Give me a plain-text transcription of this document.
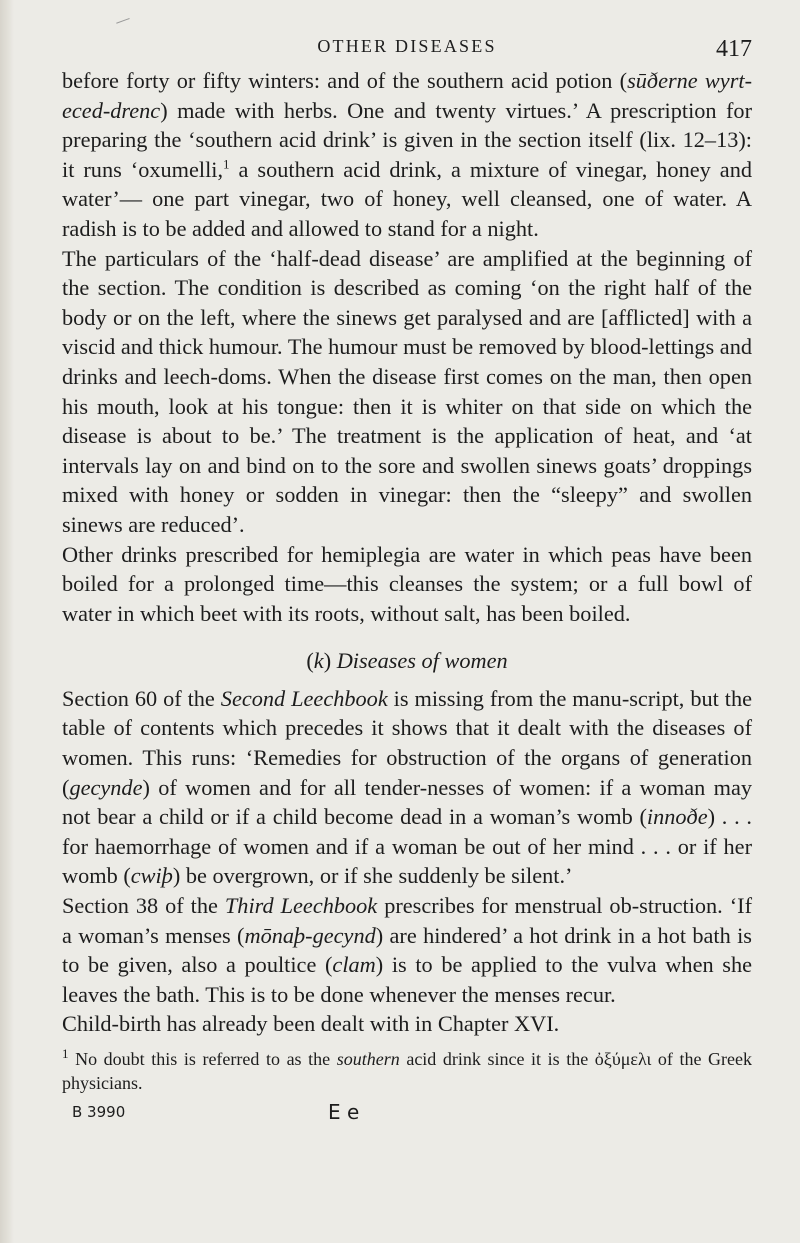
OTHER DISEASES	417

before forty or fifty winters: and of the southern acid potion (sūðerne wyrt-eced-drenc) made with herbs. One and twenty virtues.’ A prescription for preparing the ‘southern acid drink’ is given in the section itself (lix. 12–13): it runs ‘oxumelli,$^1$ a southern acid drink, a mixture of vinegar, honey and water’— one part vinegar, two of honey, well cleansed, one of water. A radish is to be added and allowed to stand for a night.

The particulars of the ‘half-dead disease’ are amplified at the beginning of the section. The condition is described as coming ‘on the right half of the body or on the left, where the sinews get paralysed and are [afflicted] with a viscid and thick humour. The humour must be removed by blood-lettings and drinks and leech-doms. When the disease first comes on the man, then open his mouth, look at his tongue: then it is whiter on that side on which the disease is about to be.’ The treatment is the application of heat, and ‘at intervals lay on and bind on to the sore and swollen sinews goats’ droppings mixed with honey or sodden in vinegar: then the “sleepy” and swollen sinews are reduced’.

Other drinks prescribed for hemiplegia are water in which peas have been boiled for a prolonged time—this cleanses the system; or a full bowl of water in which beet with its roots, without salt, has been boiled.

(k) Diseases of women

Section 60 of the Second Leechbook is missing from the manu-script, but the table of contents which precedes it shows that it dealt with the diseases of women. This runs: ‘Remedies for obstruction of the organs of generation (gecynde) of women and for all tender-nesses of women: if a woman may not bear a child or if a child become dead in a woman’s womb (innoðe) . . . for haemorrhage of women and if a woman be out of her mind . . . or if her womb (cwiþ) be overgrown, or if she suddenly be silent.’

Section 38 of the Third Leechbook prescribes for menstrual ob-struction. ‘If a woman’s menses (mōnaþ-gecynd) are hindered’ a hot drink in a hot bath is to be given, also a poultice (clam) is to be applied to the vulva when she leaves the bath. This is to be done whenever the menses recur.

Child-birth has already been dealt with in Chapter XVI.

$^1$ No doubt this is referred to as the southern acid drink since it is the ὀξύμελι of the Greek physicians.
B 3990	E e
